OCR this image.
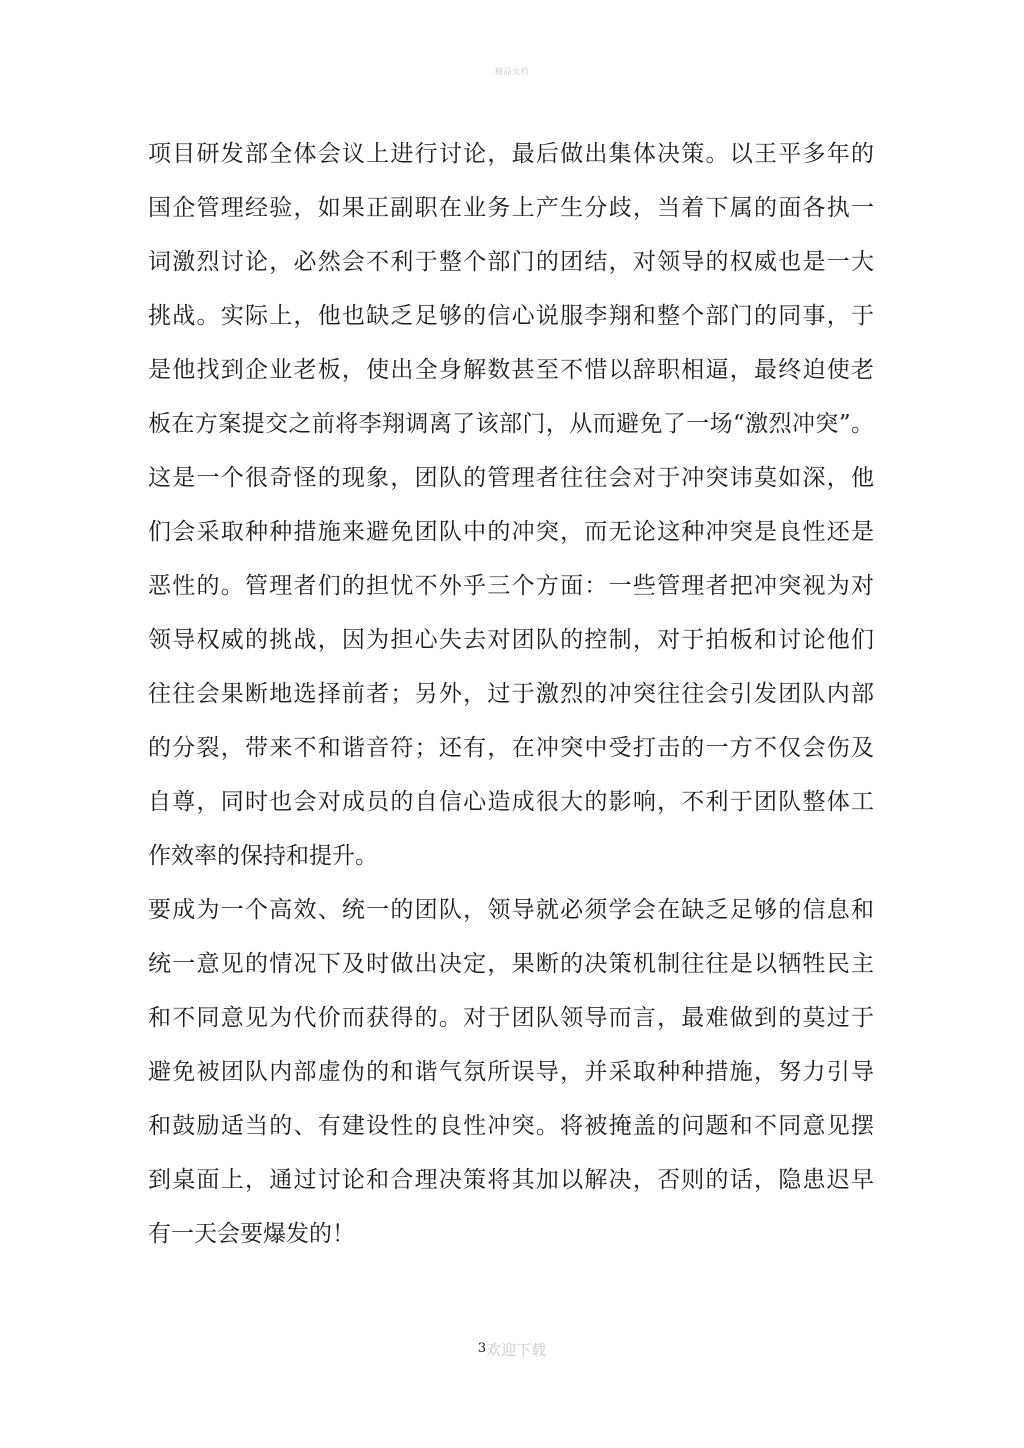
精品文档
项目研发部全体会议上进行讨论，最后做出集体决策。以王平多年的
国企管理经验，如果正副职在业务上产生分歧，当着下属的面各执一
词激烈讨论，必然会不利于整个部门的团结，对领导的权威也是一大
挑战。实际上，他也缺乏足够的信心说服李翔和整个部门的同事，于
是他找到企业老板，使出全身解数甚至不惜以辞职相逼，最终迫使老
板在方案提交之前将李翔调离了该部门，从而避免了一场“激烈冲突”。
这是一个很奇怪的现象，团队的管理者往往会对于冲突讳莫如深，他
们会采取种种措施来避免团队中的冲突，而无论这种冲突是良性还是
恶性的。管理者们的担忧不外乎三个方面：一些管理者把冲突视为对
领导权威的挑战，因为担心失去对团队的控制，对于拍板和讨论他们
往往会果断地选择前者；另外，过于激烈的冲突往往会引发团队内部
的分裂，带来不和谐音符；还有，在冲突中受打击的一方不仅会伤及
自尊，同时也会对成员的自信心造成很大的影响，不利于团队整体工
作效率的保持和提升。
要成为一个高效、统一的团队，领导就必须学会在缺乏足够的信息和
统一意见的情况下及时做出决定，果断的决策机制往往是以牺牲民主
和不同意见为代价而获得的。对于团队领导而言，最难做到的莫过于
避免被团队内部虚伪的和谐气氛所误导，并采取种种措施，努力引导
和鼓励适当的、有建设性的良性冲突。将被掩盖的问题和不同意见摆
到桌面上，通过讨论和合理决策将其加以解决，否则的话，隐患迟早
有一天会要爆发的！
3欢迎下载
